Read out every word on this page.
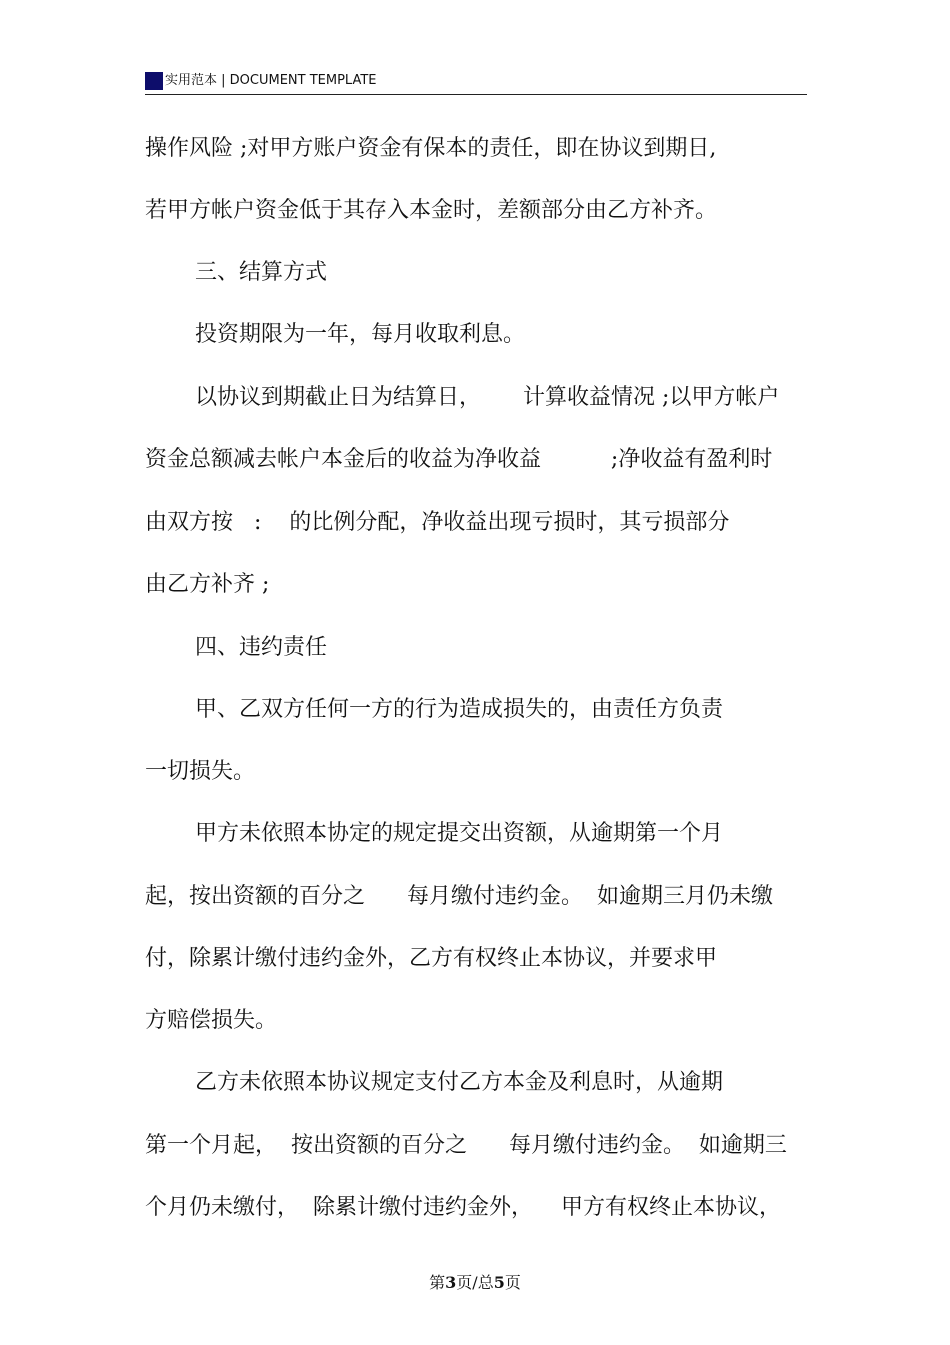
实用范本 | DOCUMENT TEMPLATE
操作风险 ;对甲方账户资金有保本的责任，即在协议到期日,
若甲方帐户资金低于其存入本金时，差额部分由乙方补齐。
三、结算方式
投资期限为一年，每月收取利息。
以协议到期截止日为结算日，      计算收益情况 ;以甲方帐户
资金总额减去帐户本金后的收益为净收益          ;净收益有盈利时
由双方按   :    的比例分配，净收益出现亏损时，其亏损部分
由乙方补齐 ;
四、违约责任
甲、乙双方任何一方的行为造成损失的，由责任方负责
一切损失。
甲方未依照本协定的规定提交出资额，从逾期第一个月
起，按出资额的百分之      每月缴付违约金。  如逾期三月仍未缴
付，除累计缴付违约金外，乙方有权终止本协议，并要求甲
方赔偿损失。
乙方未依照本协议规定支付乙方本金及利息时，从逾期
第一个月起，  按出资额的百分之      每月缴付违约金。  如逾期三
个月仍未缴付，  除累计缴付违约金外，    甲方有权终止本协议，
第3页/总5页
